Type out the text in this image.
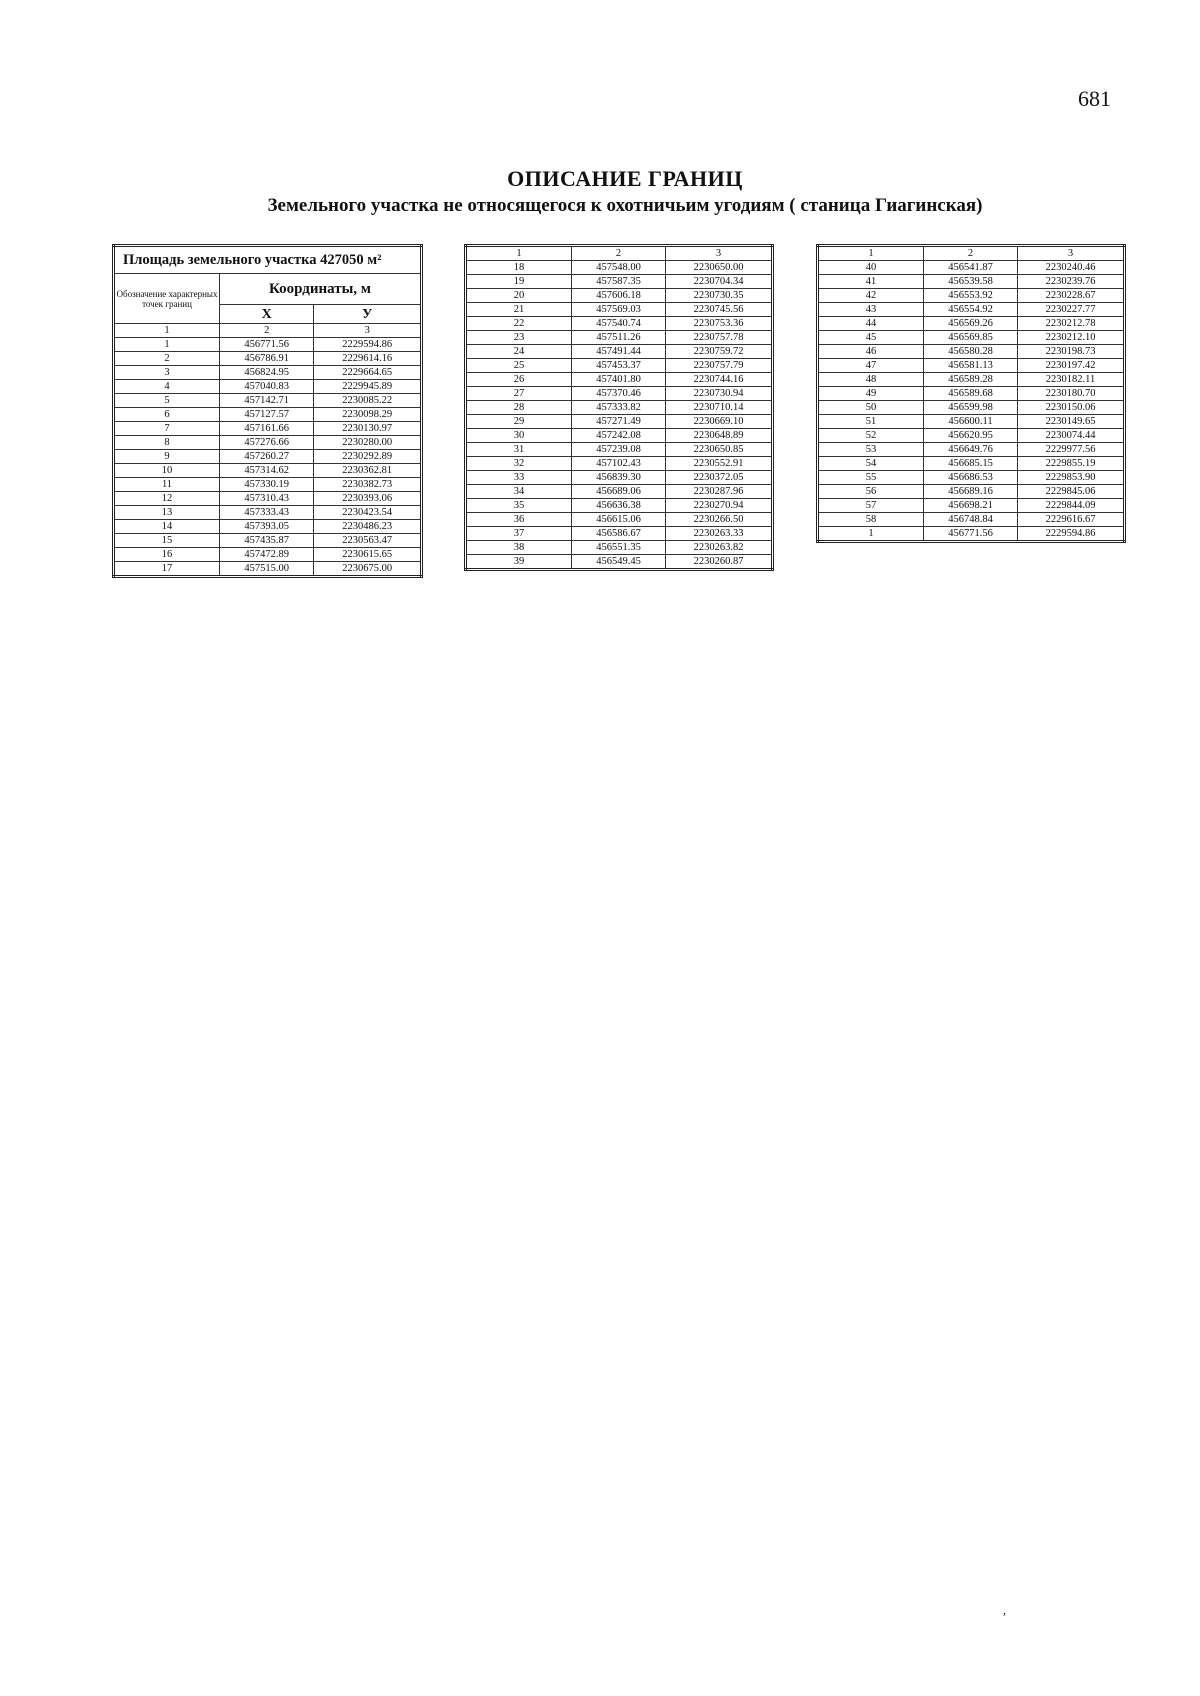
681
ОПИСАНИЕ ГРАНИЦ
Земельного участка не относящегося к охотничьим угодиям ( станица Гиагинская)
Площадь земельного участка 427050 м²		
Обозначение характерных точек границ	Координаты, м	
	X	У
1	2	3
1	456771.56	2229594.86
2	456786.91	2229614.16
3	456824.95	2229664.65
4	457040.83	2229945.89
5	457142.71	2230085.22
6	457127.57	2230098.29
7	457161.66	2230130.97
8	457276.66	2230280.00
9	457260.27	2230292.89
10	457314.62	2230362.81
11	457330.19	2230382.73
12	457310.43	2230393.06
13	457333.43	2230423.54
14	457393.05	2230486.23
15	457435.87	2230563.47
16	457472.89	2230615.65
17	457515.00	2230675.00
1	2	3
18	457548.00	2230650.00
19	457587.35	2230704.34
20	457606.18	2230730.35
21	457569.03	2230745.56
22	457540.74	2230753.36
23	457511.26	2230757.78
24	457491.44	2230759.72
25	457453.37	2230757.79
26	457401.80	2230744.16
27	457370.46	2230730.94
28	457333.82	2230710.14
29	457271.49	2230669.10
30	457242.08	2230648.89
31	457239.08	2230650.85
32	457102.43	2230552.91
33	456839.30	2230372.05
34	456689.06	2230287.96
35	456636.38	2230270.94
36	456615.06	2230266.50
37	456586.67	2230263.33
38	456551.35	2230263.82
39	456549.45	2230260.87
1	2	3
40	456541.87	2230240.46
41	456539.58	2230239.76
42	456553.92	2230228.67
43	456554.92	2230227.77
44	456569.26	2230212.78
45	456569.85	2230212.10
46	456580.28	2230198.73
47	456581.13	2230197.42
48	456589.28	2230182.11
49	456589.68	2230180.70
50	456599.98	2230150.06
51	456600.11	2230149.65
52	456620.95	2230074.44
53	456649.76	2229977.56
54	456685.15	2229855.19
55	456686.53	2229853.90
56	456689.16	2229845.06
57	456698.21	2229844.09
58	456748.84	2229616.67
1	456771.56	2229594.86
,
